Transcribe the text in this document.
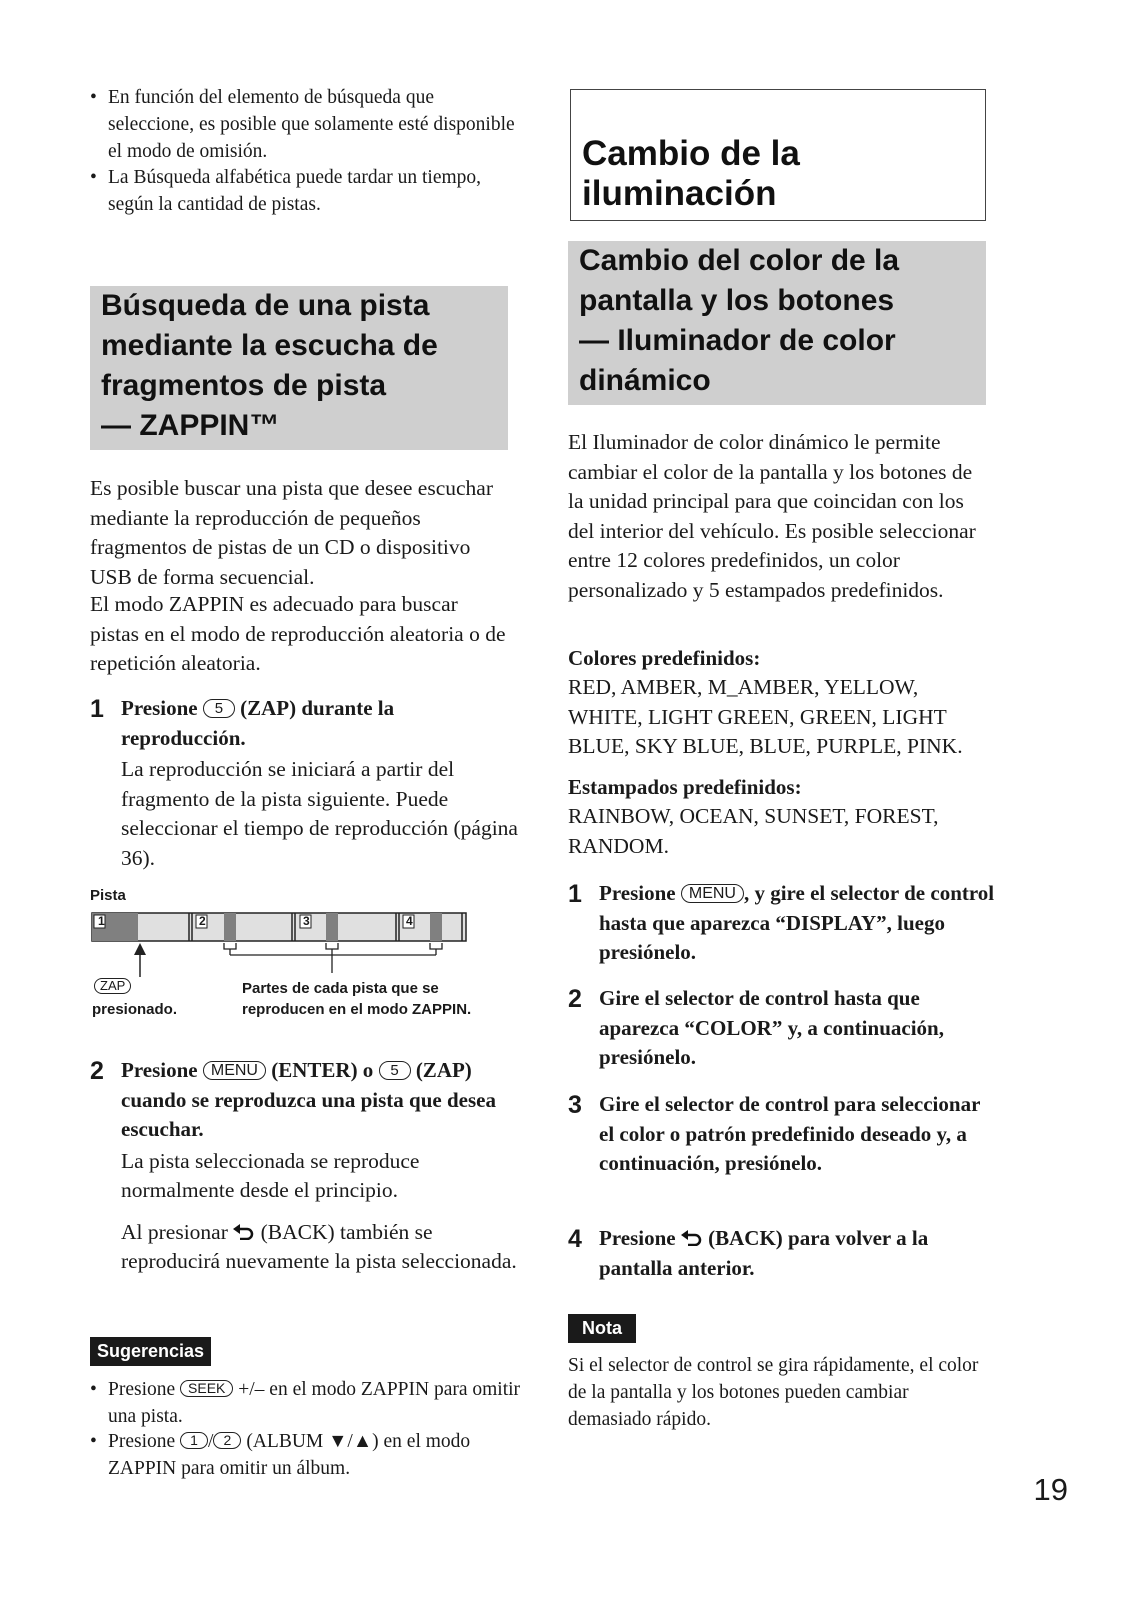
• En función del elemento de búsqueda que seleccione, es posible que solamente esté disponible el modo de omisión.
• La Búsqueda alfabética puede tardar un tiempo, según la cantidad de pistas.
Búsqueda de una pista
mediante la escucha de
fragmentos de pista
— ZAPPIN™
Es posible buscar una pista que desee escuchar mediante la reproducción de pequeños fragmentos de pistas de un CD o dispositivo USB de forma secuencial.
El modo ZAPPIN es adecuado para buscar pistas en el modo de reproducción aleatoria o de repetición aleatoria.
1 Presione 5 (ZAP) durante la reproducción.
La reproducción se iniciará a partir del fragmento de la pista siguiente. Puede seleccionar el tiempo de reproducción (página 36).
Pista
1	2	3	4
ZAP
presionado.
Partes de cada pista que se
reproducen en el modo ZAPPIN.
2 Presione MENU (ENTER) o 5 (ZAP) cuando se reproduzca una pista que desea escuchar.
La pista seleccionada se reproduce normalmente desde el principio.
Al presionar (BACK) también se reproducirá nuevamente la pista seleccionada.
Sugerencias
• Presione SEEK +/– en el modo ZAPPIN para omitir una pista.
• Presione 1 / 2 (ALBUM ▼/▲) en el modo ZAPPIN para omitir un álbum.
Cambio de la
iluminación
Cambio del color de la
pantalla y los botones
— Iluminador de color
dinámico
El Iluminador de color dinámico le permite cambiar el color de la pantalla y los botones de la unidad principal para que coincidan con los del interior del vehículo. Es posible seleccionar entre 12 colores predefinidos, un color personalizado y 5 estampados predefinidos.
Colores predefinidos:
RED, AMBER, M_AMBER, YELLOW, WHITE, LIGHT GREEN, GREEN, LIGHT BLUE, SKY BLUE, BLUE, PURPLE, PINK.
Estampados predefinidos:
RAINBOW, OCEAN, SUNSET, FOREST, RANDOM.
1 Presione MENU , y gire el selector de control hasta que aparezca “DISPLAY”, luego presiónelo.
2 Gire el selector de control hasta que aparezca “COLOR” y, a continuación, presiónelo.
3 Gire el selector de control para seleccionar el color o patrón predefinido deseado y, a continuación, presiónelo.
4 Presione (BACK) para volver a la pantalla anterior.
Nota
Si el selector de control se gira rápidamente, el color de la pantalla y los botones pueden cambiar demasiado rápido.
19
